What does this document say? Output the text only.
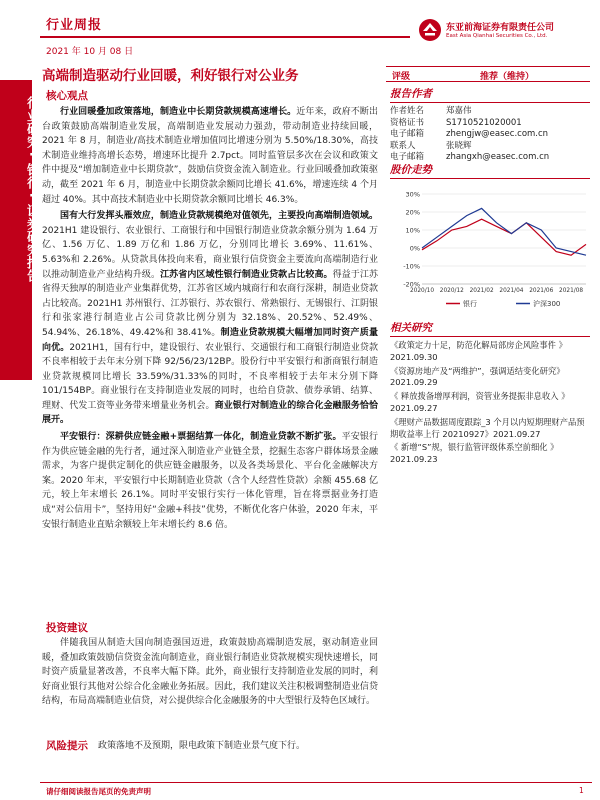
行业周报
2021 年 10 月 08 日
东亚前海证券有限责任公司
East Asia Qianhai Securities Co., Ltd.
行业研究·银行·证券研究报告
高端制造驱动行业回暖，利好银行对公业务	评级	推荐（维持）
核心观点

行业回暖叠加政策落地，制造业中长期贷款规模高速增长。近年来，政府不断出台政策鼓励高端制造业发展，高端制造业发展动力强劲，带动制造业持续回暖，2021 年 8 月，制造业/高技术制造业增加值同比增速分别为 5.50%/18.30%，高技术制造业维持高增长态势，增速环比提升 2.7pct。同时监管层多次在会议和政策文件中提及“增加制造业中长期贷款”，鼓励信贷资金流入制造业。行业回暖叠加政策驱动，截至 2021 年 6 月，制造业中长期贷款余额同比增长 41.6%，增速连续 4 个月超过 40%。其中高技术制造业中长期贷款余额同比增长 46.3%。

国有大行发挥头雁效应，制造业贷款规模绝对值领先，主要投向高端制造领域。2021H1 建设银行、农业银行、工商银行和中国银行制造业贷款余额分别为 1.64 万亿、1.56 万亿、1.89 万亿和 1.86 万亿，分别同比增长 3.69%、11.61%、5.63%和 2.26%。从贷款具体投向来看，商业银行信贷资金主要流向高端制造行业以推动制造业产业结构升级。江苏省内区域性银行制造业贷款占比较高。得益于江苏省得天独厚的制造业产业集群优势，江苏省区域内城商行和农商行深耕，制造业贷款占比较高。2021H1 苏州银行、江苏银行、苏农银行、常熟银行、无锡银行、江阴银行和张家港行制造业占公司贷款比例分别为 32.18%、20.52%、52.49%、54.94%、26.18%、49.42%和 38.41%。制造业贷款规模大幅增加同时资产质量向优。2021H1，国有行中，建设银行、农业银行、交通银行和工商银行制造业贷款不良率相较于去年末分别下降 92/56/23/12BP。股份行中平安银行和浙商银行制造业贷款规模同比增长 33.59%/31.33%的同时，不良率相较于去年末分别下降 101/154BP。商业银行在支持制造业发展的同时，也给自贷款、债券承销、结算、理财、代发工资等业务带来增量业务机会。商业银行对制造业的综合化金融服务恰恰展开。

平安银行：深耕供应链金融+票据结算一体化，制造业贷款不断扩张。平安银行作为供应链金融的先行者，通过深入制造业产业链全景，挖掘生态客户群体场景金融需求，为客户提供定制化的供应链金融服务，以及各类场景化、平台化金融解决方案。2020 年末，平安银行中长期制造业贷款（含个人经营性贷款）余额 455.68 亿元，较上年末增长 26.1%。同时平安银行实行一体化管理，旨在将票据业务打造成“对公信用卡”，坚持用好“金融+科技”优势，不断优化客户体验，2020 年末，平安银行制造业直贴余额较上年末增长约 8.6 倍。

投资建议

伴随我国从制造大国向制造强国迈进，政策鼓励高端制造发展，驱动制造业回暖，叠加政策鼓励信贷资金流向制造业，商业银行制造业贷款规模实现快速增长，同时资产质量显著改善，不良率大幅下降。此外，商业银行支持制造业发展的同时，利好商业银行其他对公综合化金融业务拓展。因此，我们建议关注积极调整制造业信贷结构，布局高端制造业信贷，对公提供综合化金融服务的中大型银行及特色区域行。

风险提示 政策落地不及预期，限电政策下制造业景气度下行。
报告作者
作者姓名	郑嘉伟
资格证书	S1710521020001
电子邮箱	zhengjw@easec.com.cn
联系人	张晓辉
电子邮箱	zhangxh@easec.com.cn
股价走势
30%
20%
10%
0%
-10%
-20%
2020/10 2020/12 2021/02 2021/04 2021/06 2021/08
银行	沪深300
相关研究
《政策定力十足，防范化解局部房企风险事件 》 2021.09.30
《资源房地产及“两维护”，强调适结变化研究》 2021.09.29
《 释放拨备增厚利润，资管业务提振非息收入 》 2021.09.27
《理财产品数据周度跟踪_3 个月以内短期理财产品预期收益率上行 20210927》2021.09.27
《 新增“S”规，银行监管评级体系空前细化 》 2021.09.23
请仔细阅读报告尾页的免责声明	1
